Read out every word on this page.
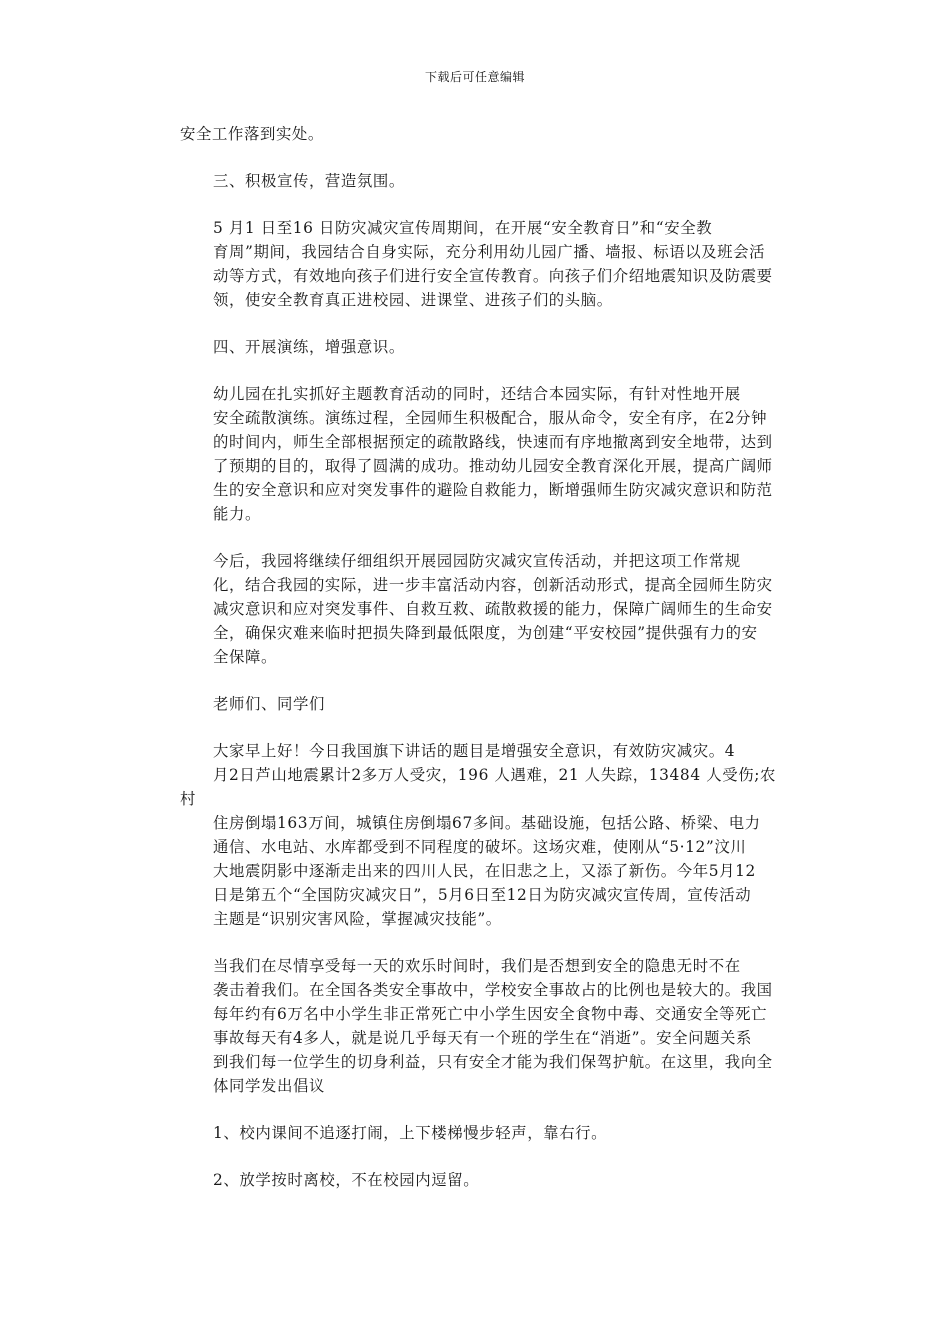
下载后可任意编辑

安全工作落到实处。

三、积极宣传，营造氛围。

5 月1 日至16 日防灾减灾宣传周期间，在开展“安全教育日”和“安全教
育周”期间，我园结合自身实际，充分利用幼儿园广播、墙报、标语以及班会活
动等方式，有效地向孩子们进行安全宣传教育。向孩子们介绍地震知识及防震要
领，使安全教育真正进校园、进课堂、进孩子们的头脑。

四、开展演练，增强意识。

幼儿园在扎实抓好主题教育活动的同时，还结合本园实际，有针对性地开展
安全疏散演练。演练过程，全园师生积极配合，服从命令，安全有序，在2分钟
的时间内，师生全部根据预定的疏散路线，快速而有序地撤离到安全地带，达到
了预期的目的，取得了圆满的成功。推动幼儿园安全教育深化开展，提高广阔师
生的安全意识和应对突发事件的避险自救能力，断增强师生防灾减灾意识和防范
能力。

今后，我园将继续仔细组织开展园园防灾减灾宣传活动，并把这项工作常规
化，结合我园的实际，进一步丰富活动内容，创新活动形式，提高全园师生防灾
减灾意识和应对突发事件、自救互救、疏散救援的能力，保障广阔师生的生命安
全，确保灾难来临时把损失降到最低限度，为创建“平安校园”提供强有力的安
全保障。

老师们、同学们

大家早上好！今日我国旗下讲话的题目是增强安全意识，有效防灾减灾。4
月2日芦山地震累计2多万人受灾，196 人遇难，21 人失踪，13484 人受伤;农村
住房倒塌163万间，城镇住房倒塌67多间。基础设施，包括公路、桥梁、电力
通信、水电站、水库都受到不同程度的破坏。这场灾难，使刚从“5·12”汶川
大地震阴影中逐渐走出来的四川人民，在旧悲之上，又添了新伤。今年5月12
日是第五个“全国防灾减灾日”，5月6日至12日为防灾减灾宣传周，宣传活动
主题是“识别灾害风险，掌握减灾技能”。

当我们在尽情享受每一天的欢乐时间时，我们是否想到安全的隐患无时不在
袭击着我们。在全国各类安全事故中，学校安全事故占的比例也是较大的。我国
每年约有6万名中小学生非正常死亡中小学生因安全食物中毒、交通安全等死亡
事故每天有4多人，就是说几乎每天有一个班的学生在“消逝”。安全问题关系
到我们每一位学生的切身利益，只有安全才能为我们保驾护航。在这里，我向全
体同学发出倡议

1、校内课间不追逐打闹，上下楼梯慢步轻声，靠右行。

2、放学按时离校，不在校园内逗留。
